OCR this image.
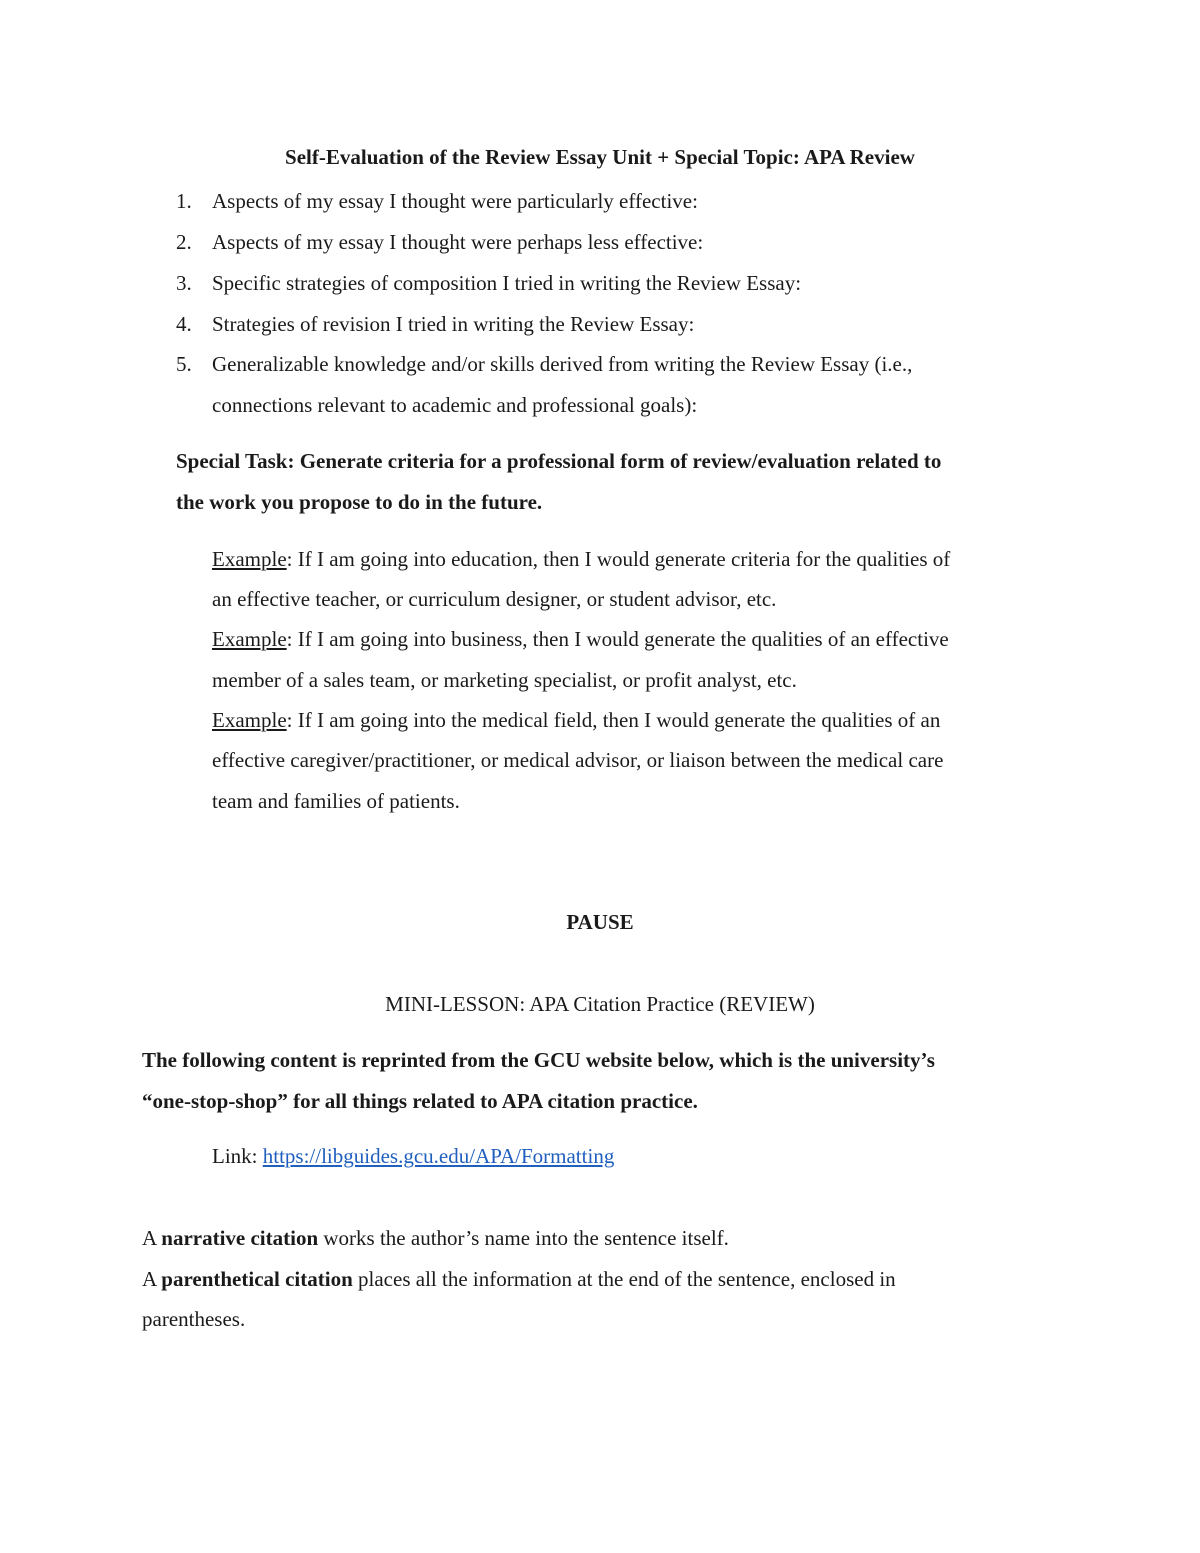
Self-Evaluation of the Review Essay Unit + Special Topic: APA Review
1. Aspects of my essay I thought were particularly effective:
2. Aspects of my essay I thought were perhaps less effective:
3. Specific strategies of composition I tried in writing the Review Essay:
4. Strategies of revision I tried in writing the Review Essay:
5. Generalizable knowledge and/or skills derived from writing the Review Essay (i.e.,
connections relevant to academic and professional goals):
Special Task: Generate criteria for a professional form of review/evaluation related to
the work you propose to do in the future.
Example: If I am going into education, then I would generate criteria for the qualities of
an effective teacher, or curriculum designer, or student advisor, etc.
Example: If I am going into business, then I would generate the qualities of an effective
member of a sales team, or marketing specialist, or profit analyst, etc.
Example: If I am going into the medical field, then I would generate the qualities of an
effective caregiver/practitioner, or medical advisor, or liaison between the medical care
team and families of patients.
PAUSE
MINI-LESSON: APA Citation Practice (REVIEW)
The following content is reprinted from the GCU website below, which is the university’s
“one-stop-shop” for all things related to APA citation practice.
Link: https://libguides.gcu.edu/APA/Formatting
A narrative citation works the author’s name into the sentence itself.
A parenthetical citation places all the information at the end of the sentence, enclosed in
parentheses.
